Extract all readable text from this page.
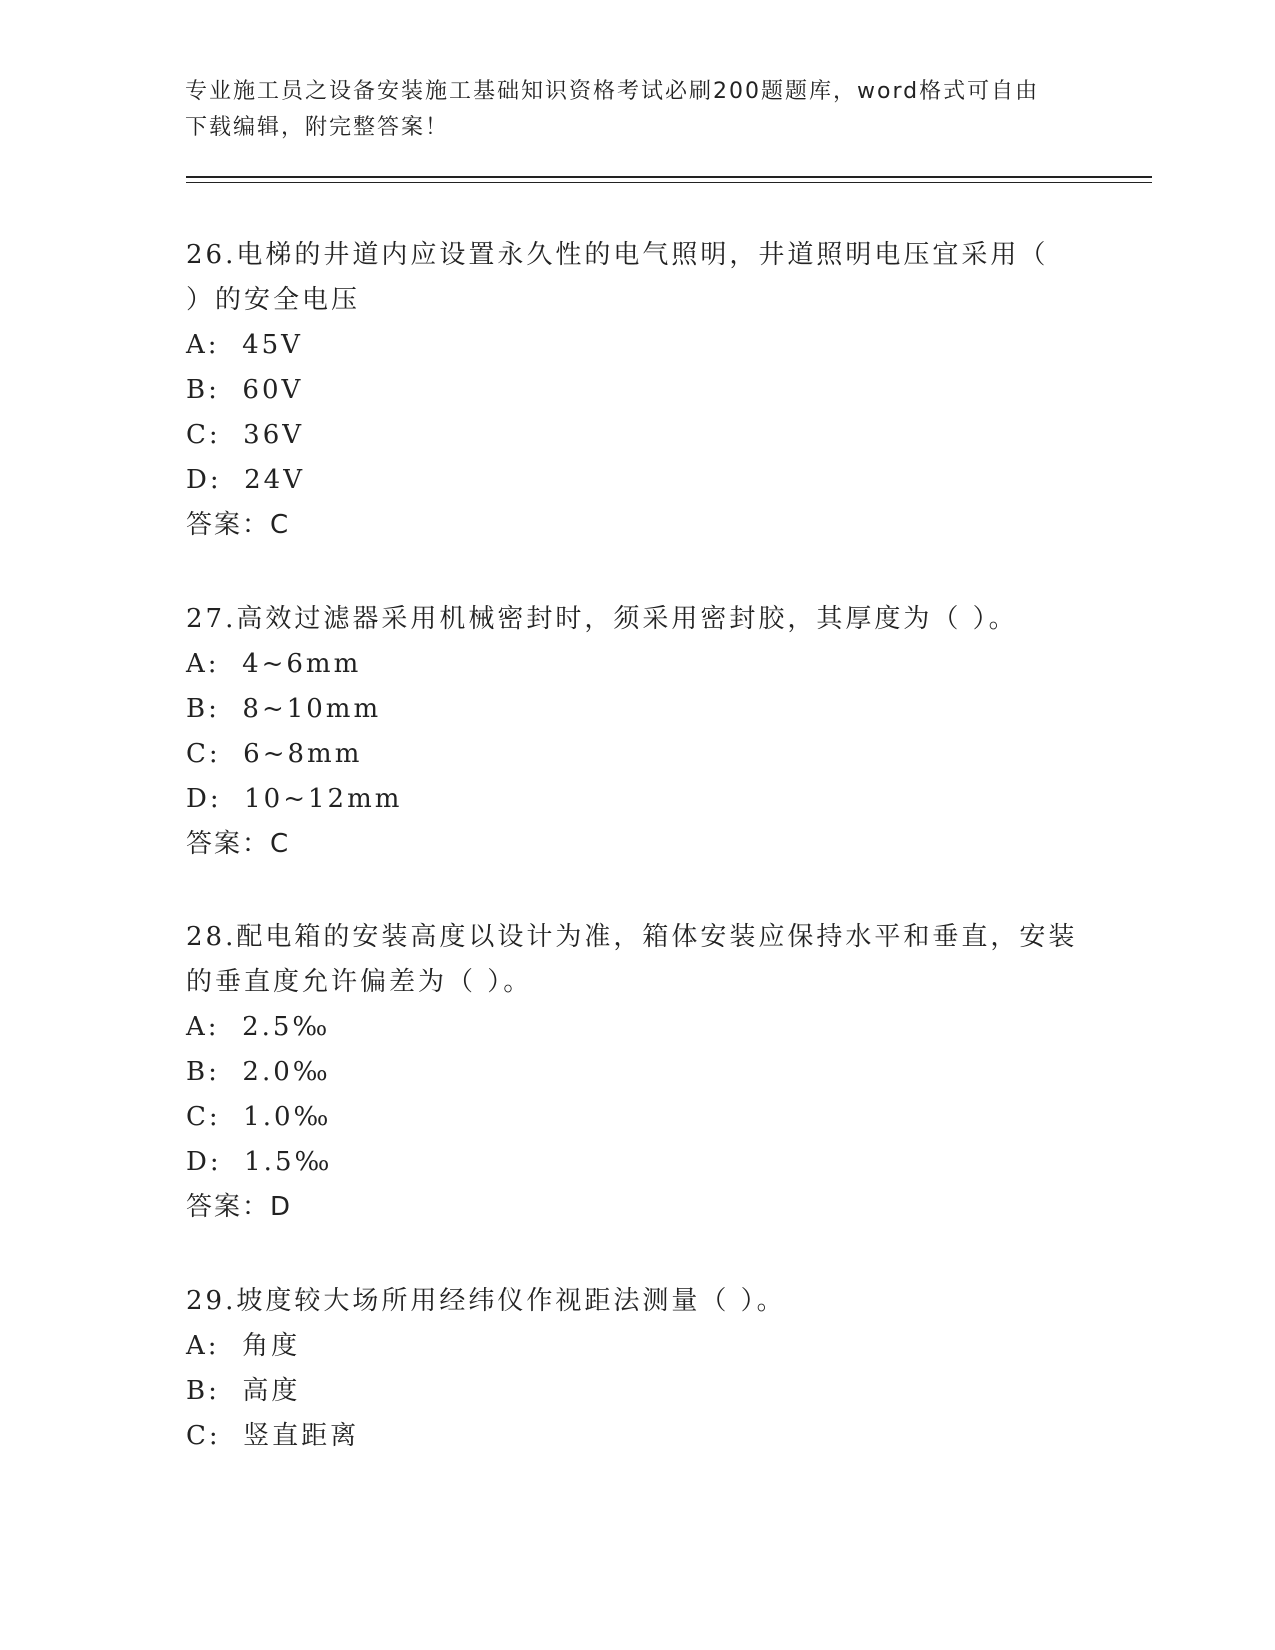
专业施工员之设备安装施工基础知识资格考试必刷200题题库，word格式可自由
下载编辑，附完整答案！

26.电梯的井道内应设置永久性的电气照明，井道照明电压宜采用（

）的安全电压

A:  45V

B:  60V

C:  36V

D:  24V

答案：C

27.高效过滤器采用机械密封时，须采用密封胶，其厚度为（ ）。

A:  4~6mm

B:  8~10mm

C:  6~8mm

D:  10~12mm

答案：C

28.配电箱的安装高度以设计为准，箱体安装应保持水平和垂直，安装

的垂直度允许偏差为（ ）。

A:  2.5‰

B:  2.0‰

C:  1.0‰

D:  1.5‰

答案：D

29.坡度较大场所用经纬仪作视距法测量（ ）。

A:  角度

B:  高度

C:  竖直距离
